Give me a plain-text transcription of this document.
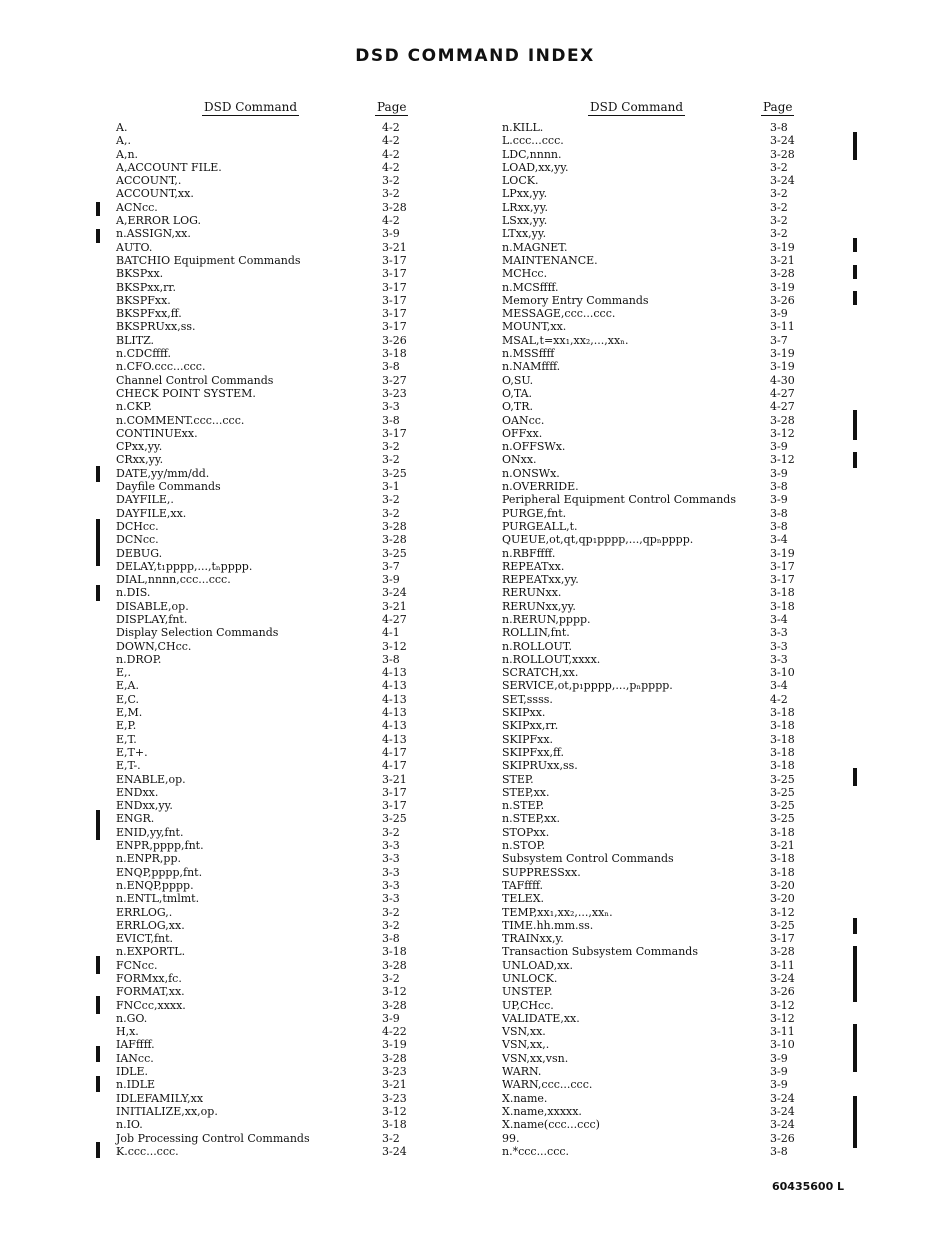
DSD COMMAND INDEX
DSD Command	Page	DSD Command	Page
A.	4-2
A,.	4-2
A,n.	4-2
A,ACCOUNT FILE.	4-2
ACCOUNT,.	3-2
ACCOUNT,xx.	3-2
ACNcc.	3-28
A,ERROR LOG.	4-2
n.ASSIGN,xx.	3-9
AUTO.	3-21
BATCHIO Equipment Commands	3-17
BKSPxx.	3-17
BKSPxx,rr.	3-17
BKSPFxx.	3-17
BKSPFxx,ff.	3-17
BKSPRUxx,ss.	3-17
BLITZ.	3-26
n.CDCffff.	3-18
n.CFO.ccc...ccc.	3-8
Channel Control Commands	3-27
CHECK POINT SYSTEM.	3-23
n.CKP.	3-3
n.COMMENT.ccc...ccc.	3-8
CONTINUExx.	3-17
CPxx,yy.	3-2
CRxx,yy.	3-2
DATE,yy/mm/dd.	3-25
Dayfile Commands	3-1
DAYFILE,.	3-2
DAYFILE,xx.	3-2
DCHcc.	3-28
DCNcc.	3-28
DEBUG.	3-25
DELAY,t₁pppp,...,tₙpppp.	3-7
DIAL,nnnn,ccc...ccc.	3-9
n.DIS.	3-24
DISABLE,op.	3-21
DISPLAY,fnt.	4-27
Display Selection Commands	4-1
DOWN,CHcc.	3-12
n.DROP.	3-8
E,.	4-13
E,A.	4-13
E,C.	4-13
E,M.	4-13
E,P.	4-13
E,T.	4-13
E,T+.	4-17
E,T-.	4-17
ENABLE,op.	3-21
ENDxx.	3-17
ENDxx,yy.	3-17
ENGR.	3-25
ENID,yy,fnt.	3-2
ENPR,pppp,fnt.	3-3
n.ENPR,pp.	3-3
ENQP,pppp,fnt.	3-3
n.ENQP,pppp.	3-3
n.ENTL,tmlmt.	3-3
ERRLOG,.	3-2
ERRLOG,xx.	3-2
EVICT,fnt.	3-8
n.EXPORTL.	3-18
FCNcc.	3-28
FORMxx,fc.	3-2
FORMAT,xx.	3-12
FNCcc,xxxx.	3-28
n.GO.	3-9
H,x.	4-22
IAFffff.	3-19
IANcc.	3-28
IDLE.	3-23
n.IDLE	3-21
IDLEFAMILY,xx	3-23
INITIALIZE,xx,op.	3-12
n.IO.	3-18
Job Processing Control Commands	3-2
K.ccc...ccc.	3-24
n.KILL.	3-8
L.ccc...ccc.	3-24
LDC,nnnn.	3-28
LOAD,xx,yy.	3-2
LOCK.	3-24
LPxx,yy.	3-2
LRxx,yy.	3-2
LSxx,yy.	3-2
LTxx,yy.	3-2
n.MAGNET.	3-19
MAINTENANCE.	3-21
MCHcc.	3-28
n.MCSffff.	3-19
Memory Entry Commands	3-26
MESSAGE,ccc...ccc.	3-9
MOUNT,xx.	3-11
MSAL,t=xx₁,xx₂,...,xxₙ.	3-7
n.MSSffff	3-19
n.NAMffff.	3-19
O,SU.	4-30
O,TA.	4-27
O,TR.	4-27
OANcc.	3-28
OFFxx.	3-12
n.OFFSWx.	3-9
ONxx.	3-12
n.ONSWx.	3-9
n.OVERRIDE.	3-8
Peripheral Equipment Control Commands	3-9
PURGE,fnt.	3-8
PURGEALL,t.	3-8
QUEUE,ot,qt,qp₁pppp,...,qpₙpppp.	3-4
n.RBFffff.	3-19
REPEATxx.	3-17
REPEATxx,yy.	3-17
RERUNxx.	3-18
RERUNxx,yy.	3-18
n.RERUN,pppp.	3-4
ROLLIN,fnt.	3-3
n.ROLLOUT.	3-3
n.ROLLOUT,xxxx.	3-3
SCRATCH,xx.	3-10
SERVICE,ot,p₁pppp,...,pₙpppp.	3-4
SET,ssss.	4-2
SKIPxx.	3-18
SKIPxx,rr.	3-18
SKIPFxx.	3-18
SKIPFxx,ff.	3-18
SKIPRUxx,ss.	3-18
STEP.	3-25
STEP,xx.	3-25
n.STEP.	3-25
n.STEP,xx.	3-25
STOPxx.	3-18
n.STOP.	3-21
Subsystem Control Commands	3-18
SUPPRESSxx.	3-18
TAFffff.	3-20
TELEX.	3-20
TEMP,xx₁,xx₂,...,xxₙ.	3-12
TIME.hh.mm.ss.	3-25
TRAINxx,y.	3-17
Transaction Subsystem Commands	3-28
UNLOAD,xx.	3-11
UNLOCK.	3-24
UNSTEP.	3-26
UP,CHcc.	3-12
VALIDATE,xx.	3-12
VSN,xx.	3-11
VSN,xx,.	3-10
VSN,xx,vsn.	3-9
WARN.	3-9
WARN,ccc...ccc.	3-9
X.name.	3-24
X.name,xxxxx.	3-24
X.name(ccc...ccc)	3-24
99.	3-26
n.*ccc...ccc.	3-8
60435600 L
